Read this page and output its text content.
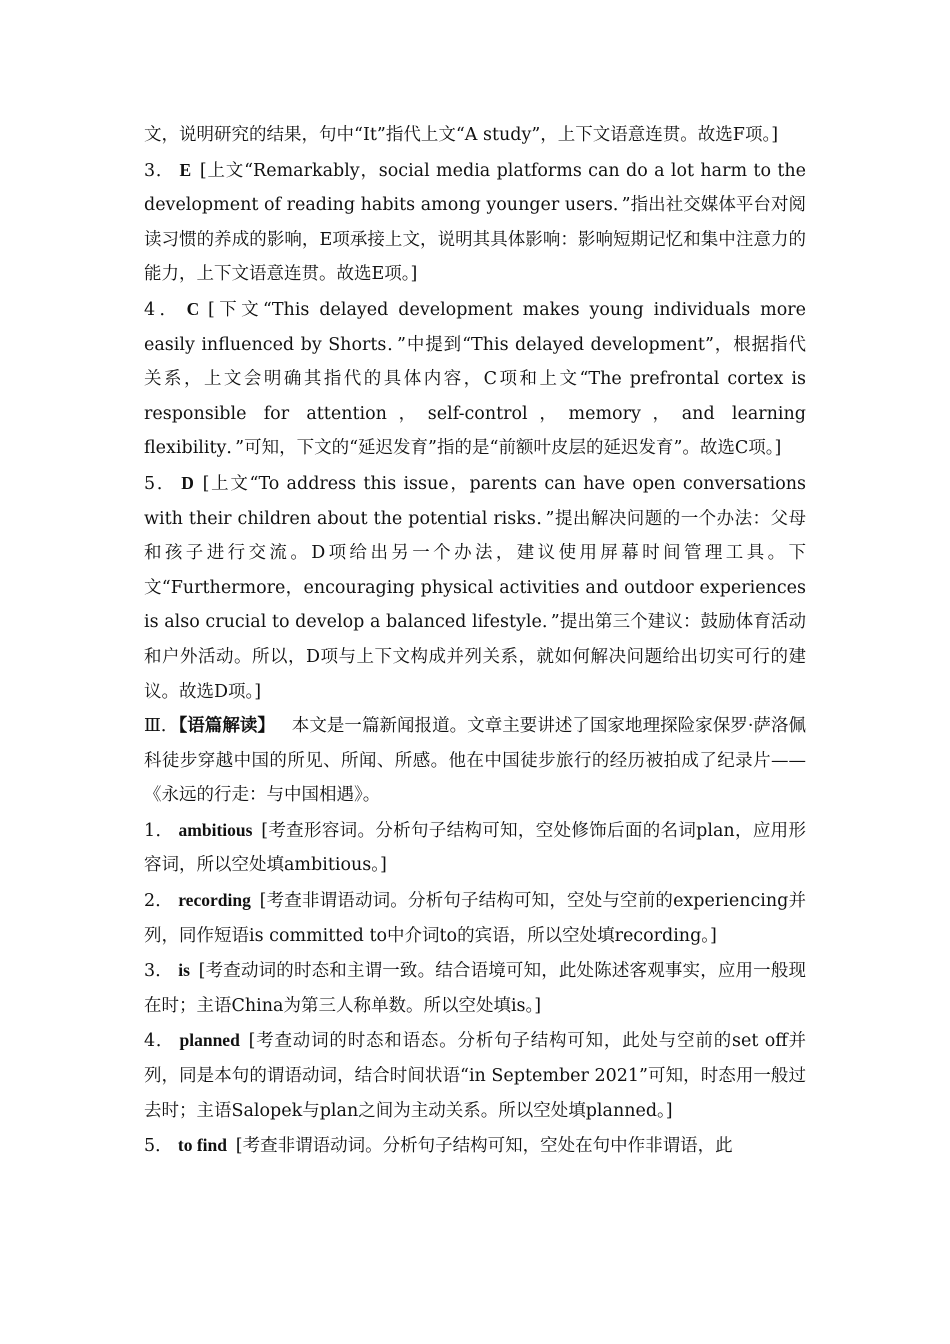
文，说明研究的结果，句中“It”指代上文“A study”，上下文语意连贯。故选F项。]

3． E [上文“Remarkably，social media platforms can do a lot harm to the development of reading habits among younger users．”指出社交媒体平台对阅读习惯的养成的影响，E项承接上文，说明其具体影响：影响短期记忆和集中注意力的能力，上下文语意连贯。故选E项。]

4． C [下文“This delayed development makes young individuals more easily influenced by Shorts．”中提到“This delayed development”，根据指代关系，上文会明确其指代的具体内容，C项和上文“The prefrontal cortex is responsible for attention，self-control，memory，and learning flexibility．”可知，下文的“延迟发育”指的是“前额叶皮层的延迟发育”。故选C项。]

5． D [上文“To address this issue，parents can have open conversations with their children about the potential risks．”提出解决问题的一个办法：父母和孩子进行交流。D项给出另一个办法，建议使用屏幕时间管理工具。下文“Furthermore，encouraging physical activities and outdoor experiences is also crucial to develop a balanced lifestyle．”提出第三个建议：鼓励体育活动和户外活动。所以，D项与上下文构成并列关系，就如何解决问题给出切实可行的建议。故选D项。]

Ⅲ．【语篇解读】 本文是一篇新闻报道。文章主要讲述了国家地理探险家保罗·萨洛佩科徒步穿越中国的所见、所闻、所感。他在中国徒步旅行的经历被拍成了纪录片——《永远的行走：与中国相遇》。

1． ambitious [考查形容词。分析句子结构可知，空处修饰后面的名词plan，应用形容词，所以空处填ambitious。]

2． recording [考查非谓语动词。分析句子结构可知，空处与空前的experiencing并列，同作短语is committed to中介词to的宾语，所以空处填recording。]

3． is [考查动词的时态和主谓一致。结合语境可知，此处陈述客观事实，应用一般现在时；主语China为第三人称单数。所以空处填is。]

4． planned [考查动词的时态和语态。分析句子结构可知，此处与空前的set off并列，同是本句的谓语动词，结合时间状语“in September 2021”可知，时态用一般过去时；主语Salopek与plan之间为主动关系。所以空处填planned。]

5． to find [考查非谓语动词。分析句子结构可知，空处在句中作非谓语，此
